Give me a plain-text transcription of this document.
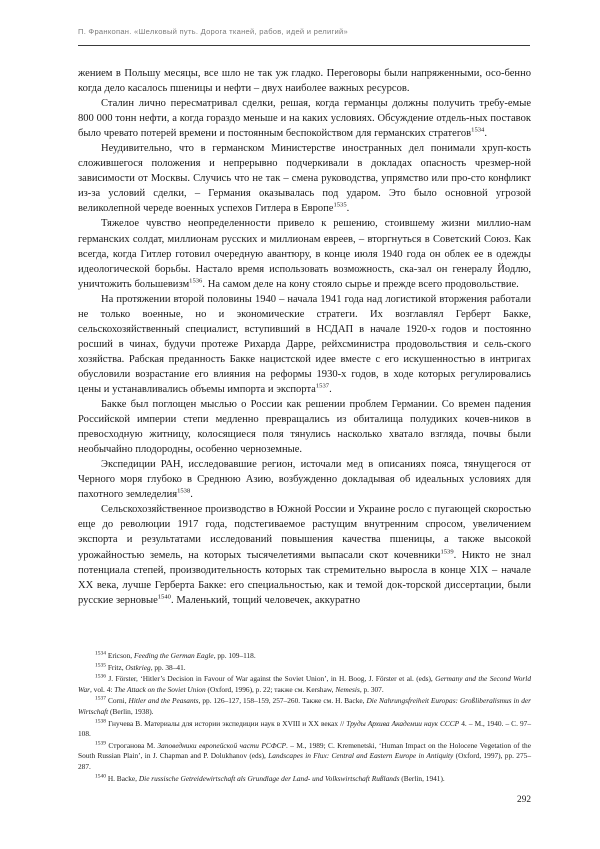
П. Франкопан. «Шелковый путь. Дорога тканей, рабов, идей и религий»

жением в Польшу месяцы, все шло не так уж гладко. Переговоры были напряженными, осо-бенно когда дело касалось пшеницы и нефти – двух наиболее важных ресурсов.

Сталин лично пересматривал сделки, решая, когда германцы должны получить требу-емые 800 000 тонн нефти, а когда гораздо меньше и на каких условиях. Обсуждение отдель-ных поставок было чревато потерей времени и постоянным беспокойством для германских стратегов$^{1534}$.

Неудивительно, что в германском Министерстве иностранных дел понимали хруп-кость сложившегося положения и непрерывно подчеркивали в докладах опасность чрезмер-ной зависимости от Москвы. Случись что не так – смена руководства, упрямство или про-сто конфликт из-за условий сделки, – Германия оказывалась под ударом. Это было основной угрозой великолепной череде военных успехов Гитлера в Европе$^{1535}$.

Тяжелое чувство неопределенности привело к решению, стоившему жизни миллио-нам германских солдат, миллионам русских и миллионам евреев, – вторгнуться в Советский Союз. Как всегда, когда Гитлер готовил очередную авантюру, в конце июля 1940 года он облек ее в одежды идеологической борьбы. Настало время использовать возможность, ска-зал он генералу Йодлю, уничтожить большевизм$^{1536}$. На самом деле на кону стояло сырье и прежде всего продовольствие.

На протяжении второй половины 1940 – начала 1941 года над логистикой вторжения работали не только военные, но и экономические стратеги. Их возглавлял Герберт Бакке, сельскохозяйственный специалист, вступивший в НСДАП в начале 1920-х годов и постоянно росший в чинах, будучи протеже Рихарда Дарре, рейхсминистра продовольствия и сель-ского хозяйства. Рабская преданность Бакке нацистской идее вместе с его искушенностью в интригах обусловили возрастание его влияния на реформы 1930-х годов, в ходе которых регулировались цены и устанавливались объемы импорта и экспорта$^{1537}$.

Бакке был поглощен мыслью о России как решении проблем Германии. Со времен падения Российской империи степи медленно превращались из обиталища полудиких кочев-ников в превосходную житницу, колосящиеся поля тянулись насколько хватало взгляда, почвы были необычайно плодородны, особенно черноземные.

Экспедиции РАН, исследовавшие регион, источали мед в описаниях пояса, тянущегося от Черного моря глубоко в Среднюю Азию, возбужденно докладывая об идеальных условиях для пахотного земледелия$^{1538}$.

Сельскохозяйственное производство в Южной России и Украине росло с пугающей скоростью еще до революции 1917 года, подстегиваемое растущим внутренним спросом, увеличением экспорта и результатами исследований повышения качества пшеницы, а также высокой урожайностью земель, на которых тысячелетиями выпасали скот кочевники$^{1539}$. Никто не знал потенциала степей, производительность которых так стремительно выросла в конце XIX – начале XX века, лучше Герберта Бакке: его специальностью, как и темой док-торской диссертации, были русские зерновые$^{1540}$. Маленький, тощий человечек, аккуратно

$^{1534}$ Ericson, Feeding the German Eagle, pp. 109–118.

$^{1535}$ Fritz, Ostkrieg, pp. 38–41.

$^{1536}$ J. Förster, ‘Hitler’s Decision in Favour of War against the Soviet Union’, in H. Boog, J. Förster et al. (eds), Germany and the Second World War, vol. 4: The Attack on the Soviet Union (Oxford, 1996), p. 22; также см. Kershaw, Nemesis, p. 307.

$^{1537}$ Corni, Hitler and the Peasants, pp. 126–127, 158–159, 257–260. Также см. H. Backe, Die Nahrungsfreiheit Europas: Großliberalismus in der Wirtschaft (Berlin, 1938).

$^{1538}$ Гнучева В. Материалы для истории экспедиции наук в XVIII и XX веках // Труды Архива Академии наук СССР 4. – М., 1940. – С. 97–108.

$^{1539}$ Строганова М. Заповедники европейской части РСФСР. – М., 1989; C. Kremenetski, ‘Human Impact on the Holocene Vegetation of the South Russian Plain’, in J. Chapman and P. Dolukhanov (eds), Landscapes in Flux: Central and Eastern Europe in Antiquity (Oxford, 1997), pp. 275–287.

$^{1540}$ H. Backe, Die russische Getreidewirtschaft als Grundlage der Land- und Volkswirtschaft Rußlands (Berlin, 1941).

292
